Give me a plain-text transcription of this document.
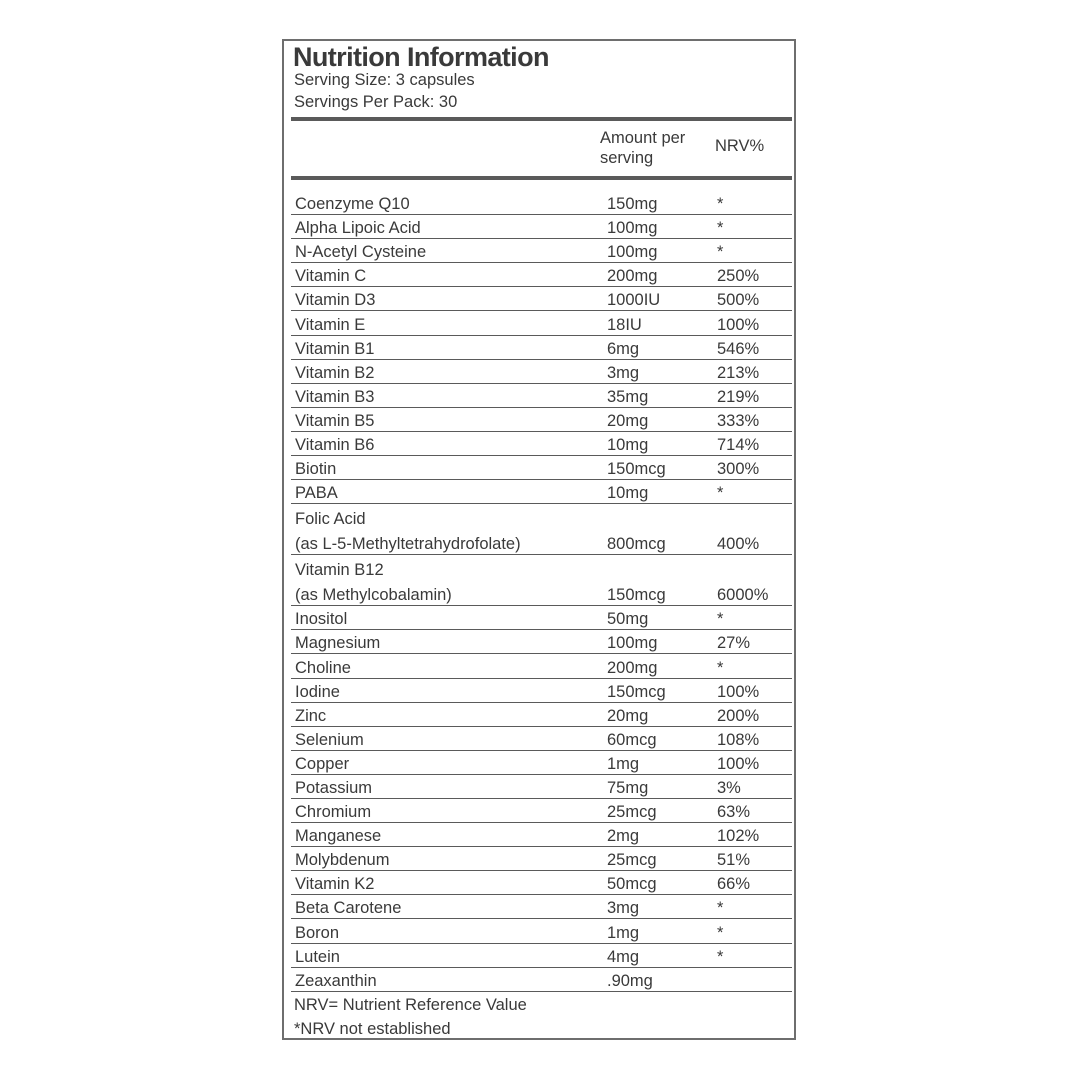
Nutrition Information
Serving Size: 3 capsules
Servings Per Pack: 30
Amount per serving
NRV%
Coenzyme Q10	150mg	*
Alpha Lipoic Acid	100mg	*
N-Acetyl Cysteine	100mg	*
Vitamin C	200mg	250%
Vitamin D3	1000IU	500%
Vitamin E	18IU	100%
Vitamin B1	6mg	546%
Vitamin B2	3mg	213%
Vitamin B3	35mg	219%
Vitamin B5	20mg	333%
Vitamin B6	10mg	714%
Biotin	150mcg	300%
PABA	10mg	*
Folic Acid
(as L-5-Methyltetrahydrofolate)	800mcg	400%
Vitamin B12
(as Methylcobalamin)	150mcg	6000%
Inositol	50mg	*
Magnesium	100mg	27%
Choline	200mg	*
Iodine	150mcg	100%
Zinc	20mg	200%
Selenium	60mcg	108%
Copper	1mg	100%
Potassium	75mg	3%
Chromium	25mcg	63%
Manganese	2mg	102%
Molybdenum	25mcg	51%
Vitamin K2	50mcg	66%
Beta Carotene	3mg	*
Boron	1mg	*
Lutein	4mg	*
Zeaxanthin	.90mg
NRV= Nutrient Reference Value
*NRV not established
